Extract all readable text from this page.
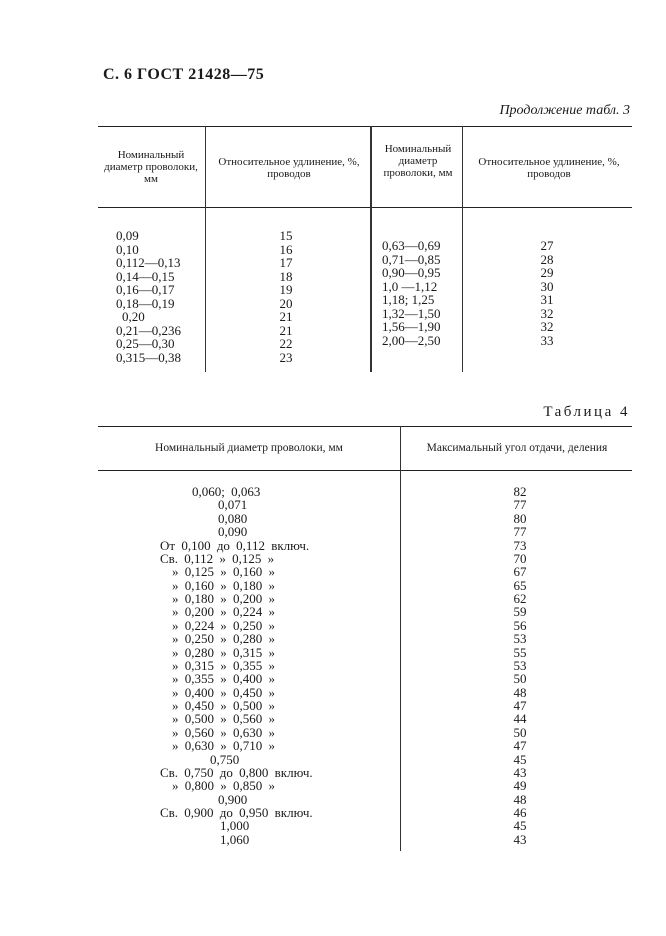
С. 6 ГОСТ 21428—75
Продолжение табл. 3
Номинальный диаметр проволоки, мм
Относительное удлинение, %, проводов
Номинальный диаметр проволоки, мм
Относительное удлинение, %, проводов
0,09
0,10
0,112—0,13
0,14—0,15
0,16—0,17
0,18—0,19
0,20
0,21—0,236
0,25—0,30
0,315—0,38
15
16
17
18
19
20
21
21
22
23
0,63—0,69
0,71—0,85
0,90—0,95
1,0 —1,12
1,18; 1,25
1,32—1,50
1,56—1,90
2,00—2,50
27
28
29
30
31
32
32
33
Таблица 4
Номинальный диаметр проволоки, мм	Максимальный угол отдачи, деления
0,060; 0,063
0,071
0,080
0,090
От 0,100 до 0,112 включ.
Св. 0,112 » 0,125 »
» 0,125 » 0,160 »
» 0,160 » 0,180 »
» 0,180 » 0,200 »
» 0,200 » 0,224 »
» 0,224 » 0,250 »
» 0,250 » 0,280 »
» 0,280 » 0,315 »
» 0,315 » 0,355 »
» 0,355 » 0,400 »
» 0,400 » 0,450 »
» 0,450 » 0,500 »
» 0,500 » 0,560 »
» 0,560 » 0,630 »
» 0,630 » 0,710 »
0,750
Св. 0,750 до 0,800 включ.
» 0,800 » 0,850 »
0,900
Св. 0,900 до 0,950 включ.
1,000
1,060
82
77
80
77
73
70
67
65
62
59
56
53
55
53
50
48
47
44
50
47
45
43
49
48
46
45
43
